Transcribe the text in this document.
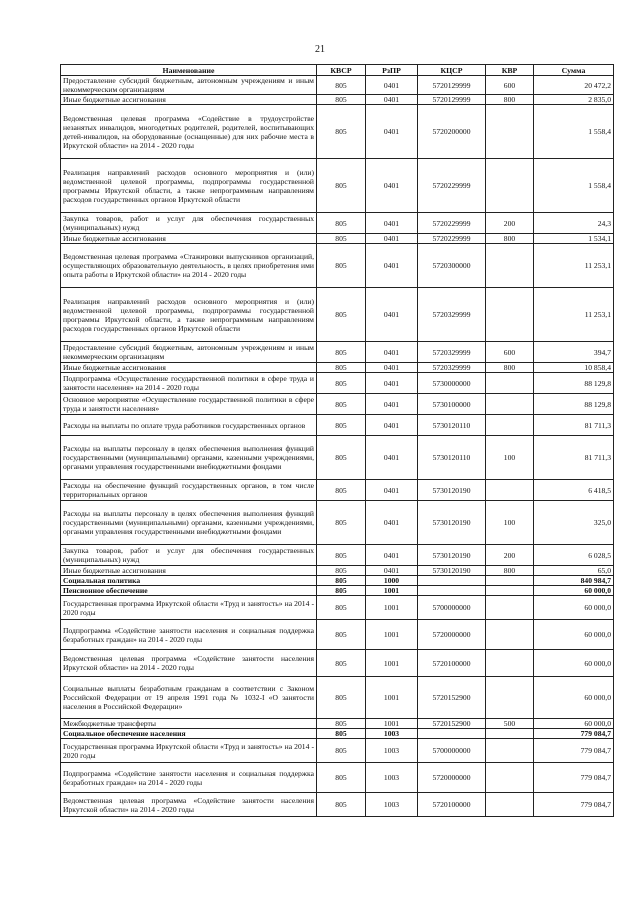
21
Наименование	КВСР	РзПР	КЦСР	КВР	Сумма
Предоставление субсидий бюджетным, автономным учреждениям и иным некоммерческим организациям	805	0401	5720129999	600	20 472,2
Иные бюджетные ассигнования	805	0401	5720129999	800	2 835,0
Ведомственная целевая программа «Содействие в трудоустройстве незанятых инвалидов, многодетных родителей, родителей, воспитывающих детей-инвалидов, на оборудованные (оснащенные) для них рабочие места в Иркутской области» на 2014 - 2020 годы	805	0401	5720200000		1 558,4
Реализация направлений расходов основного мероприятия и (или) ведомственной целевой программы, подпрограммы государственной программы Иркутской области, а также непрограммным направлениям расходов государственных органов Иркутской области	805	0401	5720229999		1 558,4
Закупка товаров, работ и услуг для обеспечения государственных (муниципальных) нужд	805	0401	5720229999	200	24,3
Иные бюджетные ассигнования	805	0401	5720229999	800	1 534,1
Ведомственная целевая программа «Стажировки выпускников организаций, осуществляющих образовательную деятельность, в целях приобретения ими опыта работы в Иркутской области» на 2014 - 2020 годы	805	0401	5720300000		11 253,1
Реализация направлений расходов основного мероприятия и (или) ведомственной целевой программы, подпрограммы государственной программы Иркутской области, а также непрограммным направлениям расходов государственных органов Иркутской области	805	0401	5720329999		11 253,1
Предоставление субсидий бюджетным, автономным учреждениям и иным некоммерческим организациям	805	0401	5720329999	600	394,7
Иные бюджетные ассигнования	805	0401	5720329999	800	10 858,4
Подпрограмма «Осуществление государственной политики в сфере труда и занятости населения» на 2014 - 2020 годы	805	0401	5730000000		88 129,8
Основное мероприятие «Осуществление государственной политики в сфере труда и занятости населения»	805	0401	5730100000		88 129,8
Расходы на выплаты по оплате труда работников государственных органов	805	0401	5730120110		81 711,3
Расходы на выплаты персоналу в целях обеспечения выполнения функций государственными (муниципальными) органами, казенными учреждениями, органами управления государственными внебюджетными фондами	805	0401	5730120110	100	81 711,3
Расходы на обеспечение функций государственных органов, в том числе территориальных органов	805	0401	5730120190		6 418,5
Расходы на выплаты персоналу в целях обеспечения выполнения функций государственными (муниципальными) органами, казенными учреждениями, органами управления государственными внебюджетными фондами	805	0401	5730120190	100	325,0
Закупка товаров, работ и услуг для обеспечения государственных (муниципальных) нужд	805	0401	5730120190	200	6 028,5
Иные бюджетные ассигнования	805	0401	5730120190	800	65,0
Социальная политика	805	1000			840 984,7
Пенсионное обеспечение	805	1001			60 000,0
Государственная программа Иркутской области «Труд и занятость» на 2014 - 2020 годы	805	1001	5700000000		60 000,0
Подпрограмма «Содействие занятости населения и социальная поддержка безработных граждан» на 2014 - 2020 годы	805	1001	5720000000		60 000,0
Ведомственная целевая программа «Содействие занятости населения Иркутской области» на 2014 - 2020 годы	805	1001	5720100000		60 000,0
Социальные выплаты безработным гражданам в соответствии с Законом Российской Федерации от 19 апреля 1991 года № 1032-I «О занятости населения в Российской Федерации»	805	1001	5720152900		60 000,0
Межбюджетные трансферты	805	1001	5720152900	500	60 000,0
Социальное обеспечение населения	805	1003			779 084,7
Государственная программа Иркутской области «Труд и занятость» на 2014 - 2020 годы	805	1003	5700000000		779 084,7
Подпрограмма «Содействие занятости населения и социальная поддержка безработных граждан» на 2014 - 2020 годы	805	1003	5720000000		779 084,7
Ведомственная целевая программа «Содействие занятости населения Иркутской области» на 2014 - 2020 годы	805	1003	5720100000		779 084,7
